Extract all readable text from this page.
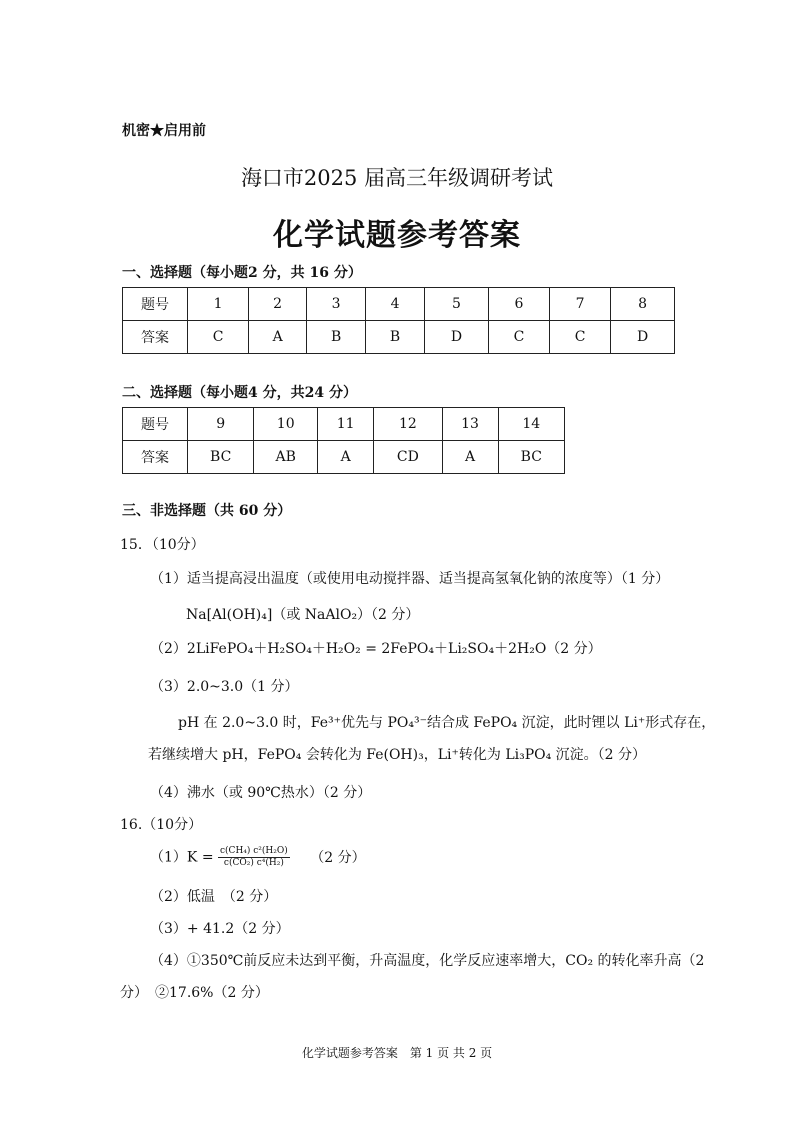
机密★启用前
海口市2025 届高三年级调研考试
化学试题参考答案
一、选择题（每小题2 分，共 16 分）
题号	1	2	3	4	5	6	7	8
答案	C	A	B	B	D	C	C	D
二、选择题（每小题4 分，共24 分）
题号	9	10	11	12	13	14
答案	BC	AB	A	CD	A	BC
三、非选择题（共 60 分）
15．（10分）
（1）适当提高浸出温度（或使用电动搅拌器、适当提高氢氧化钠的浓度等）（1 分）
Na[Al(OH)₄]（或 NaAlO₂）（2 分）
（2）2LiFePO₄＋H₂SO₄＋H₂O₂ = 2FePO₄＋Li₂SO₄＋2H₂O（2 分）
（3）2.0~3.0（1 分）
pH 在 2.0~3.0 时，Fe³⁺优先与 PO₄³⁻结合成 FePO₄ 沉淀，此时锂以 Li⁺形式存在，
若继续增大 pH，FePO₄ 会转化为 Fe(OH)₃，Li⁺转化为 Li₃PO₄ 沉淀。（2 分）
（4）沸水（或 90℃热水）（2 分）
16.（10分）
$(1)K = \frac{\text{c(CH₄) c²(H₂O)}}{\text{c(CO₂) c⁴(H₂)}} (2$ 分）
（2）低温　（2 分）
（3）+ 41.2（2 分）
（4）①350℃前反应未达到平衡，升高温度，化学反应速率增大，CO₂ 的转化率升高（2
分）　②17.6%（2 分）
化学试题参考答案　第 1 页 共 2 页
